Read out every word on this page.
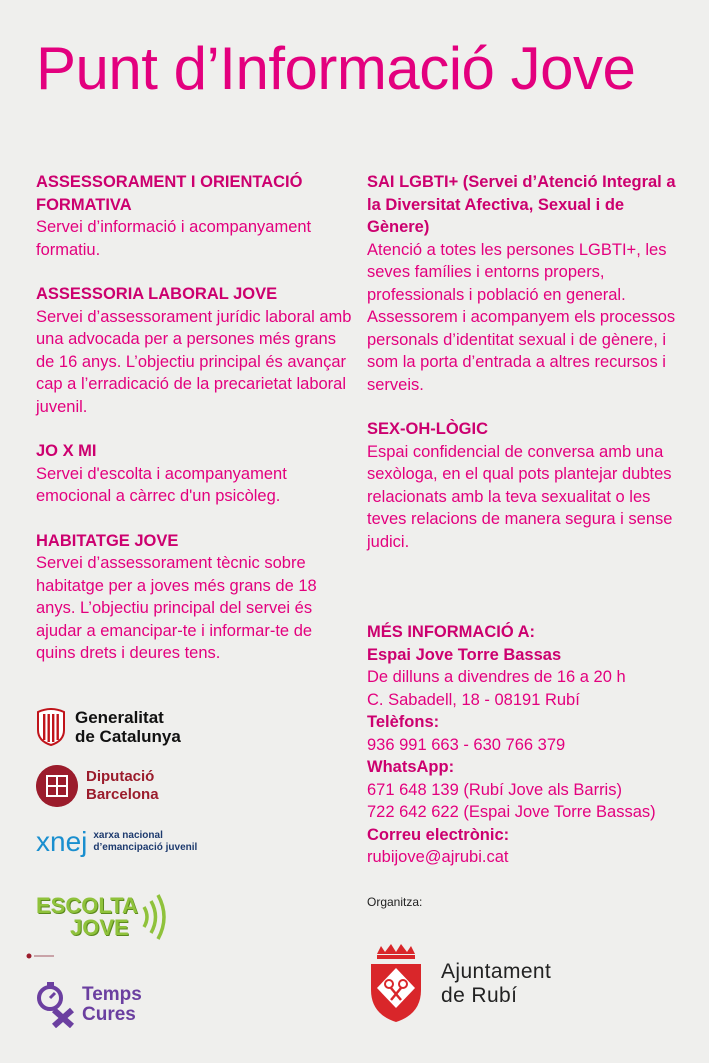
Punt d’Informació Jove
ASSESSORAMENT I ORIENTACIÓ FORMATIVA
Servei d’informació i acompanyament formatiu.
ASSESSORIA LABORAL JOVE
Servei d’assessorament jurídic laboral amb una advocada per a persones més grans de 16 anys. L’objectiu principal és avançar cap a l’erradicació de la precarietat laboral juvenil.
JO X MI
Servei d'escolta i acompanyament emocional a càrrec d'un psicòleg.
HABITATGE JOVE
Servei d’assessorament tècnic sobre habitatge per a joves més grans de 18 anys. L’objectiu principal del servei és ajudar a emancipar-te i informar-te de quins drets i deures tens.
SAI LGBTI+ (Servei d’Atenció Integral a la Diversitat Afectiva, Sexual i de Gènere)
Atenció a totes les persones LGBTI+, les seves famílies i entorns propers, professionals i població en general. Assessorem i acompanyem els processos personals d’identitat sexual i de gènere, i som la porta d’entrada a altres recursos i serveis.
SEX-OH-LÒGIC
Espai confidencial de conversa amb una sexòloga, en el qual pots plantejar dubtes relacionats amb la teva sexualitat o les teves relacions de manera segura i sense judici.
MÉS INFORMACIÓ A:
Espai Jove Torre Bassas
De dilluns a divendres de 16 a 20 h
C. Sabadell, 18 - 08191 Rubí
Telèfons:
936 991 663 - 630 766 379
WhatsApp:
671 648 139 (Rubí Jove als Barris)
722 642 622 (Espai Jove Torre Bassas)
Correu electrònic:
rubijove@ajrubi.cat
Organitza:
Generalitat
de Catalunya
Diputació
Barcelona
xnej xarxa nacional
d’emancipació juvenil
ESCOLTA
JOVE
Temps
Cures
Ajuntament
de Rubí
